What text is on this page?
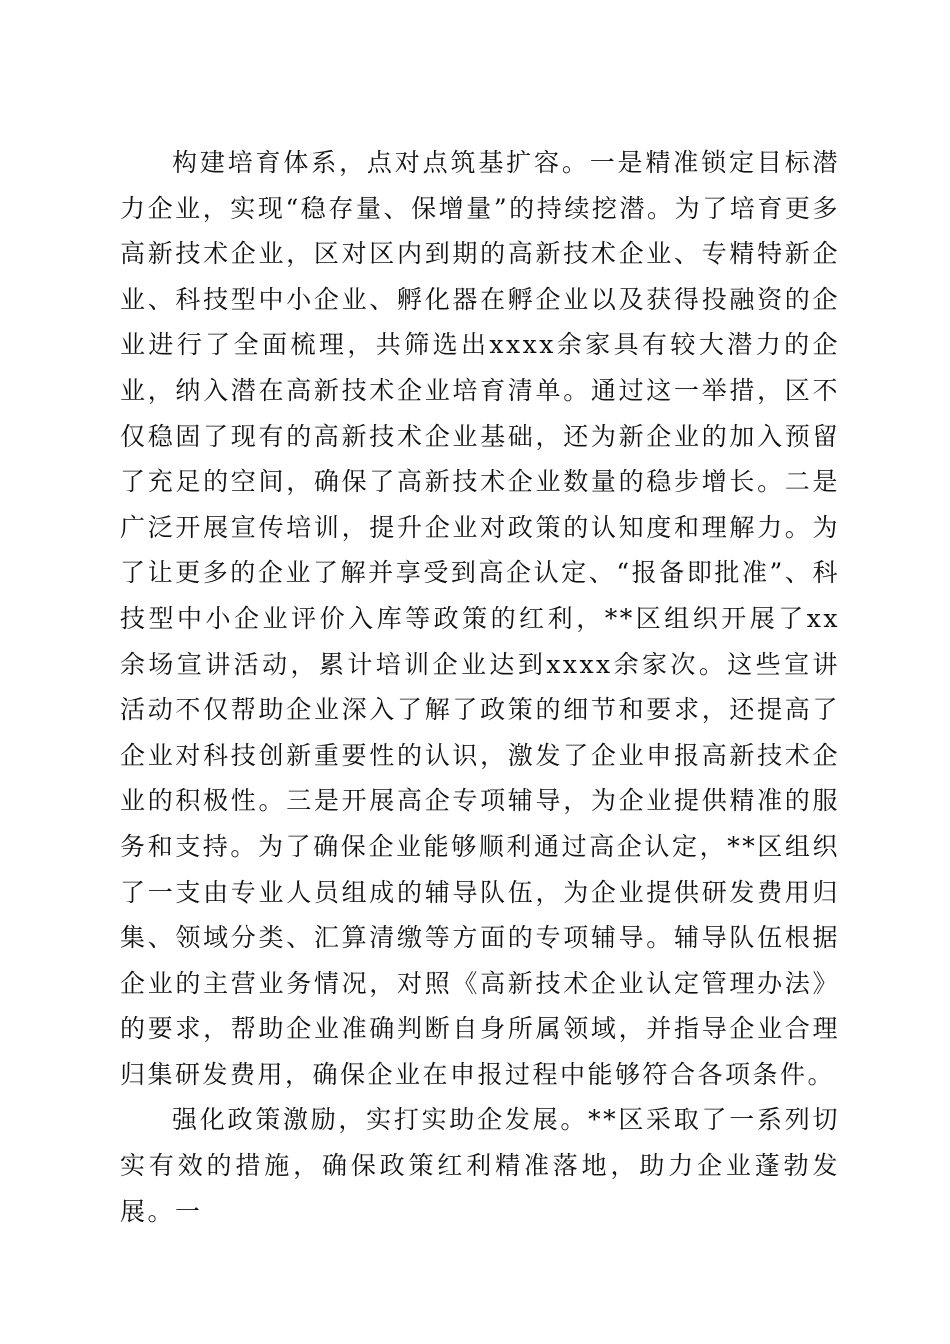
构建培育体系，点对点筑基扩容。一是精准锁定目标潜力企业，实现“稳存量、保增量”的持续挖潜。为了培育更多高新技术企业，区对区内到期的高新技术企业、专精特新企业、科技型中小企业、孵化器在孵企业以及获得投融资的企业进行了全面梳理，共筛选出xxxx余家具有较大潜力的企业，纳入潜在高新技术企业培育清单。通过这一举措，区不仅稳固了现有的高新技术企业基础，还为新企业的加入预留了充足的空间，确保了高新技术企业数量的稳步增长。二是广泛开展宣传培训，提升企业对政策的认知度和理解力。为了让更多的企业了解并享受到高企认定、“报备即批准”、科技型中小企业评价入库等政策的红利，**区组织开展了xx余场宣讲活动，累计培训企业达到xxxx余家次。这些宣讲活动不仅帮助企业深入了解了政策的细节和要求，还提高了企业对科技创新重要性的认识，激发了企业申报高新技术企业的积极性。三是开展高企专项辅导，为企业提供精准的服务和支持。为了确保企业能够顺利通过高企认定，**区组织了一支由专业人员组成的辅导队伍，为企业提供研发费用归集、领域分类、汇算清缴等方面的专项辅导。辅导队伍根据企业的主营业务情况，对照《高新技术企业认定管理办法》的要求，帮助企业准确判断自身所属领域，并指导企业合理归集研发费用，确保企业在申报过程中能够符合各项条件。

强化政策激励，实打实助企发展。**区采取了一系列切实有效的措施，确保政策红利精准落地，助力企业蓬勃发展。一
